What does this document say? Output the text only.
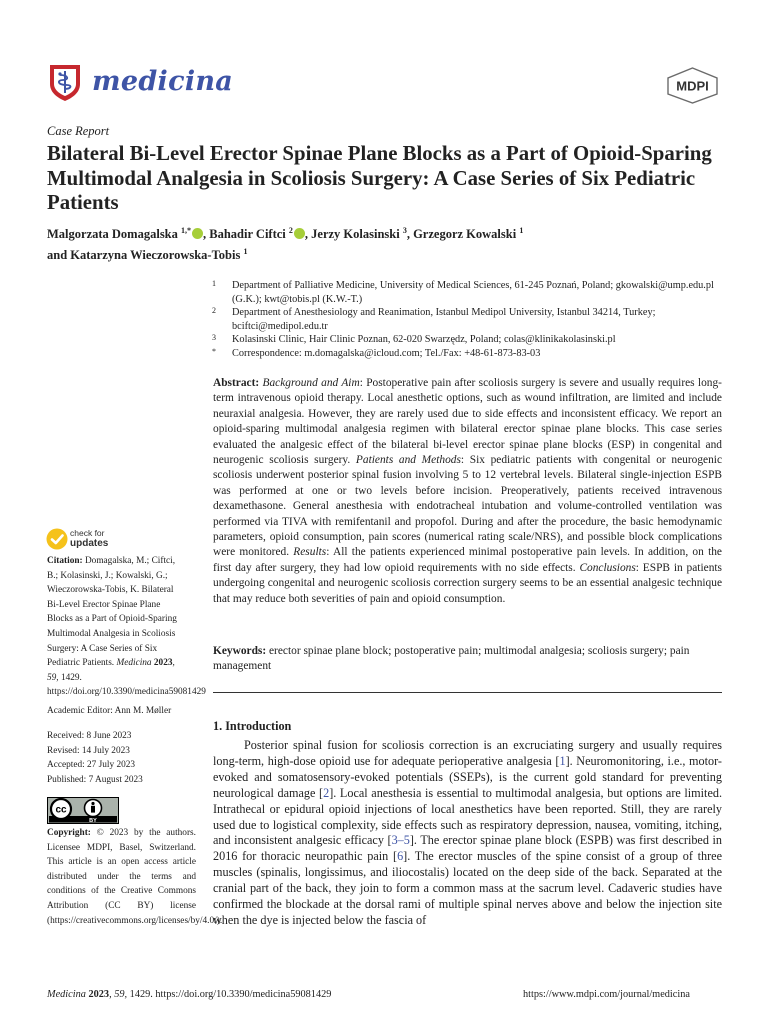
medicina	MDPI
Case Report
Bilateral Bi-Level Erector Spinae Plane Blocks as a Part of Opioid-Sparing Multimodal Analgesia in Scoliosis Surgery: A Case Series of Six Pediatric Patients
Malgorzata Domagalska $^{1,*}$ , Bahadir Ciftci $^2$ , Jerzy Kolasinski $^3$, Grzegorz Kowalski $^1$
and Katarzyna Wieczorowska-Tobis $^1$
1	Department of Palliative Medicine, University of Medical Sciences, 61-245 Poznań, Poland; gkowalski@ump.edu.pl (G.K.); kwt@tobis.pl (K.W.-T.)
2	Department of Anesthesiology and Reanimation, Istanbul Medipol University, Istanbul 34214, Turkey; bciftci@medipol.edu.tr
3	Kolasinski Clinic, Hair Clinic Poznan, 62-020 Swarzędz, Poland; colas@klinikakolasinski.pl
*	Correspondence: m.domagalska@icloud.com; Tel./Fax: +48-61-873-83-03
Abstract: Background and Aim: Postoperative pain after scoliosis surgery is severe and usually requires long-term intravenous opioid therapy. Local anesthetic options, such as wound infiltration, are limited and include neuraxial analgesia. However, they are rarely used due to side effects and inconsistent efficacy. We report an opioid-sparing multimodal analgesia regimen with bilateral erector spinae plane blocks. This case series evaluated the analgesic effect of the bilateral bi-level erector spinae plane blocks (ESP) in congenital and neurogenic scoliosis surgery. Patients and Methods: Six pediatric patients with congenital or neurogenic scoliosis underwent posterior spinal fusion involving 5 to 12 vertebral levels. Bilateral single-injection ESPB was performed at one or two levels before incision. Preoperatively, patients received intravenous dexamethasone. General anesthesia with endotracheal intubation and volume-controlled ventilation was performed via TIVA with remifentanil and propofol. During and after the procedure, the basic hemodynamic parameters, opioid consumption, pain scores (numerical rating scale/NRS), and possible block complications were monitored. Results: All the patients experienced minimal postoperative pain levels. In addition, on the first day after surgery, they had low opioid requirements with no side effects. Conclusions: ESPB in patients undergoing congenital and neurogenic scoliosis correction surgery seems to be an essential analgesic technique that may reduce both severities of pain and opioid consumption.
Keywords: erector spinae plane block; postoperative pain; multimodal analgesia; scoliosis surgery; pain management
1. Introduction

Posterior spinal fusion for scoliosis correction is an excruciating surgery and usually requires long-term, high-dose opioid use for adequate perioperative analgesia [1]. Neuromonitoring, i.e., motor-evoked and somatosensory-evoked potentials (SSEPs), is the current gold standard for preventing neurological damage [2]. Local anesthesia is essential to multimodal analgesia, but options are limited. Intrathecal or epidural opioid injections of local anesthetics have been reported. Still, they are rarely used due to logistical complexity, side effects such as respiratory depression, nausea, vomiting, itching, and inconsistent analgesic efficacy [3–5]. The erector spinae plane block (ESPB) was first described in 2016 for thoracic neuropathic pain [6]. The erector muscles of the spine consist of a group of three muscles (spinalis, longissimus, and iliocostalis) located on the deep side of the back. Separated at the cranial part of the back, they join to form a common mass at the sacrum level. Cadaveric studies have confirmed the blockade at the dorsal rami of multiple spinal nerves above and below the injection site when the dye is injected below the fascia of

check for
updates
Citation: Domagalska, M.; Ciftci, B.; Kolasinski, J.; Kowalski, G.; Wieczorowska-Tobis, K. Bilateral Bi-Level Erector Spinae Plane Blocks as a Part of Opioid-Sparing Multimodal Analgesia in Scoliosis Surgery: A Case Series of Six Pediatric Patients. Medicina 2023, 59, 1429. https://doi.org/10.3390/medicina59081429
Academic Editor: Ann M. Møller
Received: 8 June 2023
Revised: 14 July 2023
Accepted: 27 July 2023
Published: 7 August 2023
cc
BY
Copyright: © 2023 by the authors. Licensee MDPI, Basel, Switzerland. This article is an open access article distributed under the terms and conditions of the Creative Commons Attribution (CC BY) license (https://creativecommons.org/licenses/by/4.0/).
Medicina 2023, 59, 1429. https://doi.org/10.3390/medicina59081429	https://www.mdpi.com/journal/medicina
